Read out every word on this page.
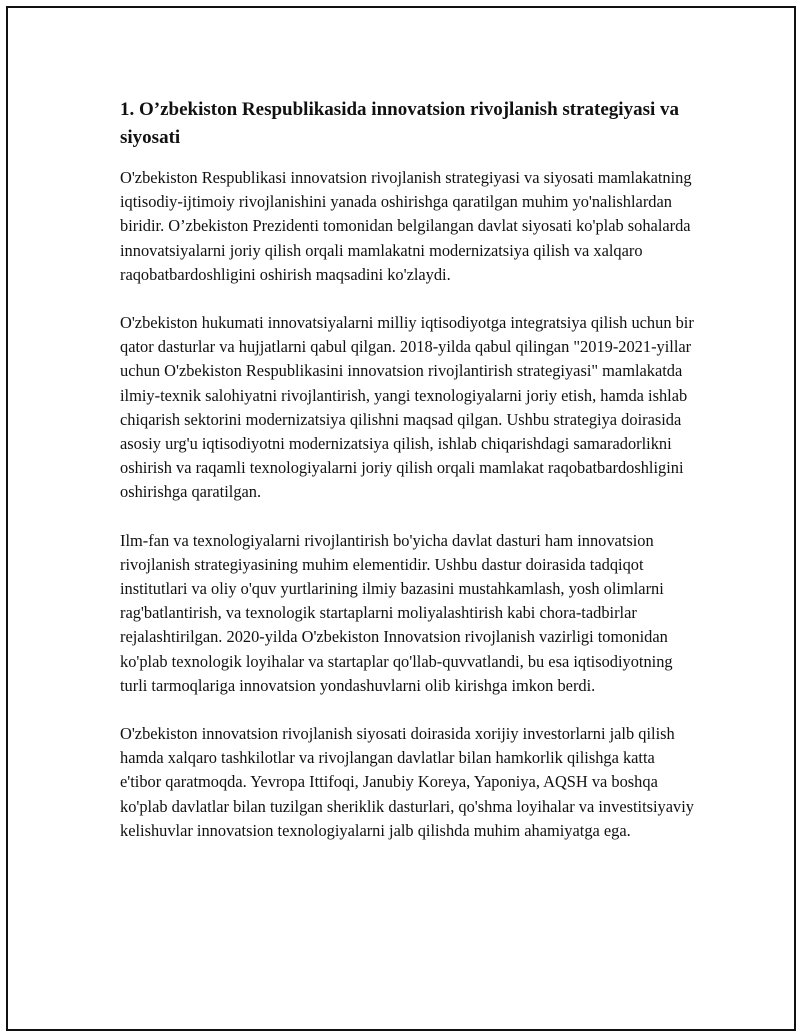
1. O’zbekiston Respublikasida innovatsion rivojlanish strategiyasi va siyosati

O'zbekiston Respublikasi innovatsion rivojlanish strategiyasi va siyosati mamlakatning iqtisodiy-ijtimoiy rivojlanishini yanada oshirishga qaratilgan muhim yo'nalishlardan biridir. O’zbekiston Prezidenti tomonidan belgilangan davlat siyosati ko'plab sohalarda innovatsiyalarni joriy qilish orqali mamlakatni modernizatsiya qilish va xalqaro raqobatbardoshligini oshirish maqsadini ko'zlaydi.

O'zbekiston hukumati innovatsiyalarni milliy iqtisodiyotga integratsiya qilish uchun bir qator dasturlar va hujjatlarni qabul qilgan. 2018-yilda qabul qilingan "2019-2021-yillar uchun O'zbekiston Respublikasini innovatsion rivojlantirish strategiyasi" mamlakatda ilmiy-texnik salohiyatni rivojlantirish, yangi texnologiyalarni joriy etish, hamda ishlab chiqarish sektorini modernizatsiya qilishni maqsad qilgan. Ushbu strategiya doirasida asosiy urg'u iqtisodiyotni modernizatsiya qilish, ishlab chiqarishdagi samaradorlikni oshirish va raqamli texnologiyalarni joriy qilish orqali mamlakat raqobatbardoshligini oshirishga qaratilgan.

Ilm-fan va texnologiyalarni rivojlantirish bo'yicha davlat dasturi ham innovatsion rivojlanish strategiyasining muhim elementidir. Ushbu dastur doirasida tadqiqot institutlari va oliy o'quv yurtlarining ilmiy bazasini mustahkamlash, yosh olimlarni rag'batlantirish, va texnologik startaplarni moliyalashtirish kabi chora-tadbirlar rejalashtirilgan. 2020-yilda O'zbekiston Innovatsion rivojlanish vazirligi tomonidan ko'plab texnologik loyihalar va startaplar qo'llab-quvvatlandi, bu esa iqtisodiyotning turli tarmoqlariga innovatsion yondashuvlarni olib kirishga imkon berdi.

O'zbekiston innovatsion rivojlanish siyosati doirasida xorijiy investorlarni jalb qilish hamda xalqaro tashkilotlar va rivojlangan davlatlar bilan hamkorlik qilishga katta e'tibor qaratmoqda. Yevropa Ittifoqi, Janubiy Koreya, Yaponiya, AQSH va boshqa ko'plab davlatlar bilan tuzilgan sheriklik dasturlari, qo'shma loyihalar va investitsiyaviy kelishuvlar innovatsion texnologiyalarni jalb qilishda muhim ahamiyatga ega.
